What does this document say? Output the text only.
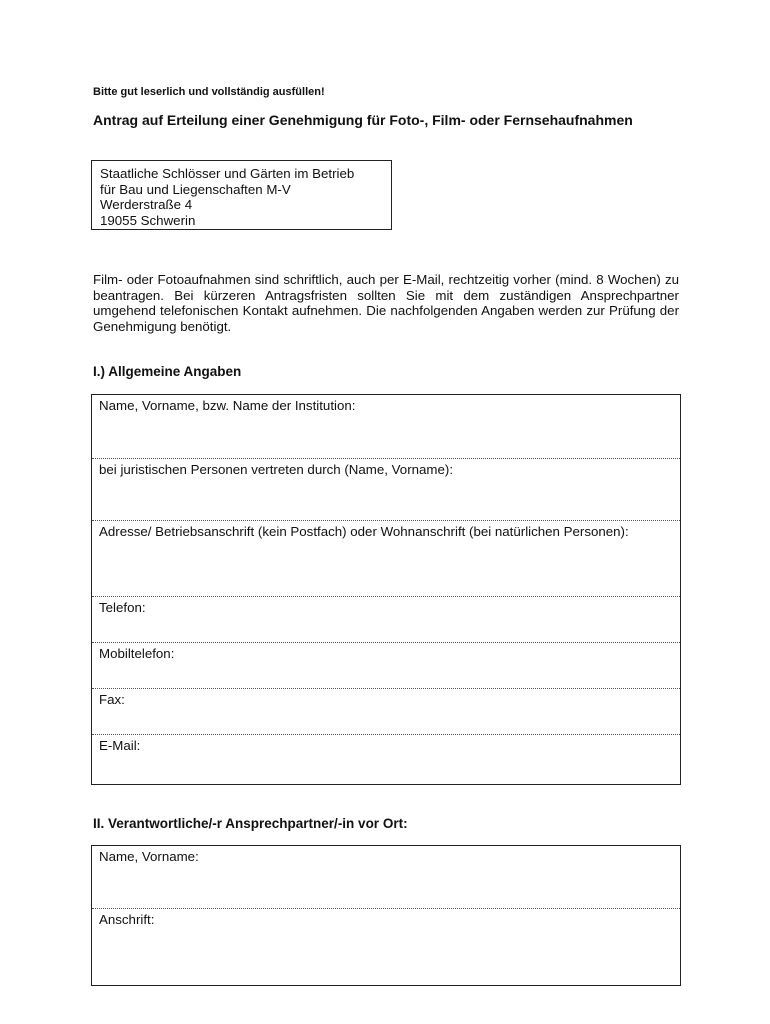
Bitte gut leserlich und vollständig ausfüllen!
Antrag auf Erteilung einer Genehmigung für Foto-, Film- oder Fernsehaufnahmen
Staatliche Schlösser und Gärten im Betrieb
für Bau und Liegenschaften M-V
Werderstraße 4
19055 Schwerin
Film- oder Fotoaufnahmen sind schriftlich, auch per E-Mail, rechtzeitig vorher (mind. 8 Wochen) zu beantragen. Bei kürzeren Antragsfristen sollten Sie mit dem zuständigen Ansprechpartner umgehend telefonischen Kontakt aufnehmen. Die nachfolgenden Angaben werden zur Prüfung der Genehmigung benötigt.
I.) Allgemeine Angaben
Name, Vorname, bzw. Name der Institution:
bei juristischen Personen vertreten durch (Name, Vorname):
Adresse/ Betriebsanschrift (kein Postfach) oder Wohnanschrift (bei natürlichen Personen):
Telefon:
Mobiltelefon:
Fax:
E-Mail:
II. Verantwortliche/-r Ansprechpartner/-in vor Ort:
Name, Vorname:
Anschrift:
